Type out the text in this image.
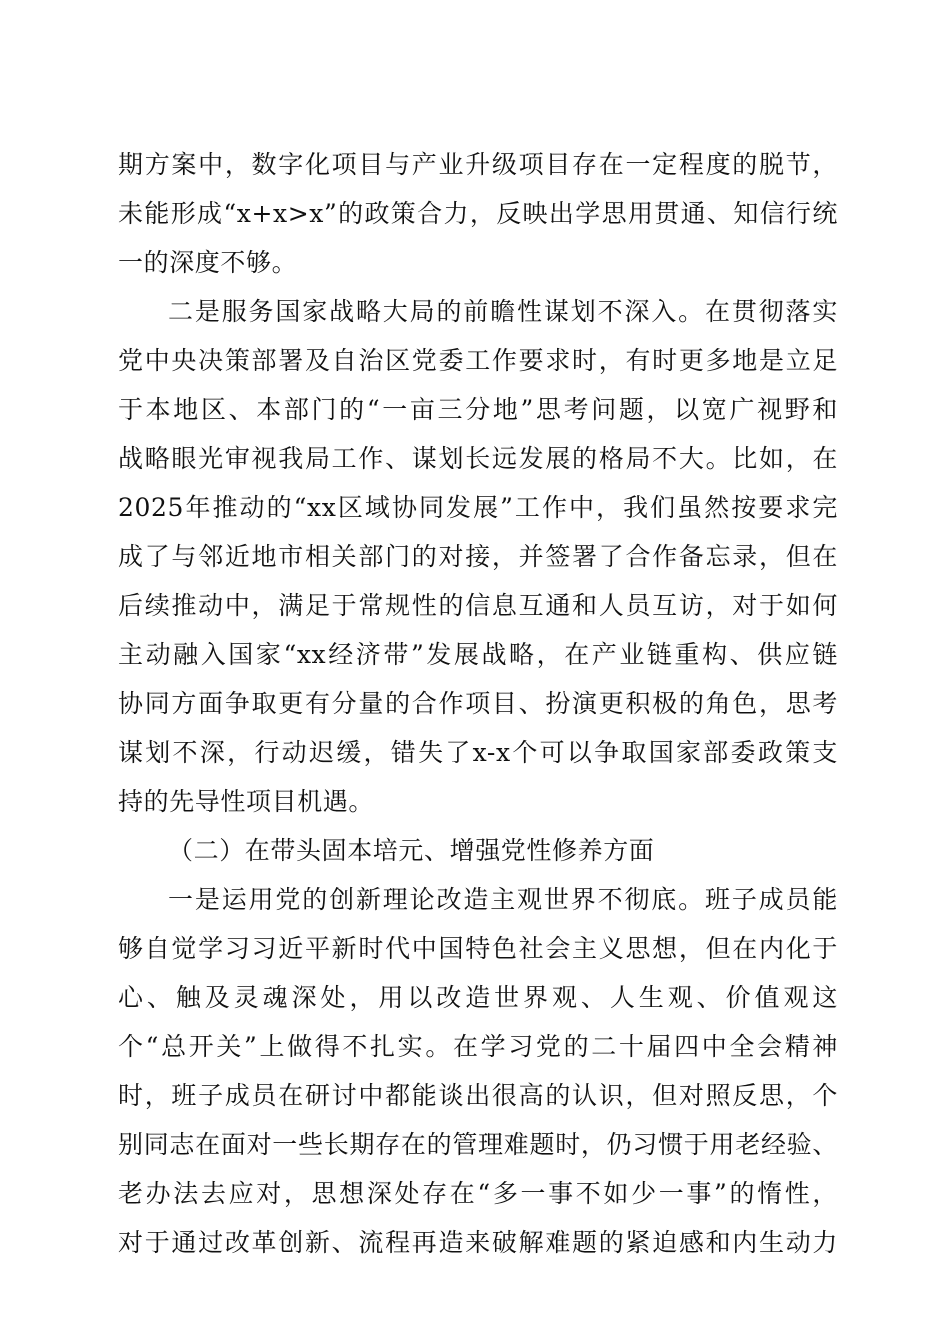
期方案中，数字化项目与产业升级项目存在一定程度的脱节，
未能形成“x+x>x”的政策合力，反映出学思用贯通、知信行统
一的深度不够。
二是服务国家战略大局的前瞻性谋划不深入。在贯彻落实
党中央决策部署及自治区党委工作要求时，有时更多地是立足
于本地区、本部门的“一亩三分地”思考问题，以宽广视野和
战略眼光审视我局工作、谋划长远发展的格局不大。比如，在
2025年推动的“xx区域协同发展”工作中，我们虽然按要求完
成了与邻近地市相关部门的对接，并签署了合作备忘录，但在
后续推动中，满足于常规性的信息互通和人员互访，对于如何
主动融入国家“xx经济带”发展战略，在产业链重构、供应链
协同方面争取更有分量的合作项目、扮演更积极的角色，思考
谋划不深，行动迟缓，错失了x-x个可以争取国家部委政策支
持的先导性项目机遇。
（二）在带头固本培元、增强党性修养方面
一是运用党的创新理论改造主观世界不彻底。班子成员能
够自觉学习习近平新时代中国特色社会主义思想，但在内化于
心、触及灵魂深处，用以改造世界观、人生观、价值观这
个“总开关”上做得不扎实。在学习党的二十届四中全会精神
时，班子成员在研讨中都能谈出很高的认识，但对照反思，个
别同志在面对一些长期存在的管理难题时，仍习惯于用老经验、
老办法去应对，思想深处存在“多一事不如少一事”的惰性，
对于通过改革创新、流程再造来破解难题的紧迫感和内生动力
